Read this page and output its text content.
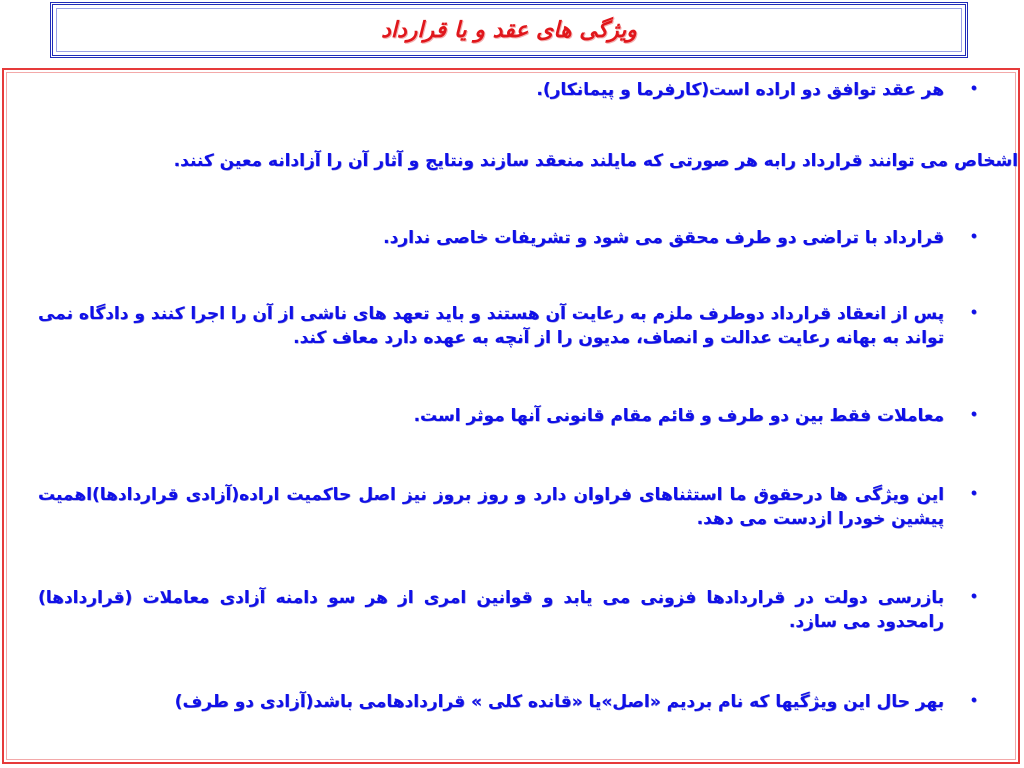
ویژگی های عقد و یا قرارداد
•
هر عقد توافق دو اراده است(کارفرما و پیمانکار).
اشخاص می توانند قرارداد رابه هر صورتی که مایلند منعقد سازند ونتایج و آثار آن را آزادانه معین کنند.
•
قرارداد با تراضی دو طرف محقق می شود و تشریفات خاصی ندارد.
•
پس از انعقاد قرارداد دوطرف ملزم به رعایت آن هستند و باید تعهد های ناشی از آن را اجرا کنند و دادگاه نمی تواند به بهانه رعایت عدالت و انصاف، مدیون را از آنچه به عهده دارد معاف کند.
•
معاملات فقط بین دو طرف و قائم مقام قانونی آنها موثر است.
•
این ویژگی ها درحقوق ما استثناهای فراوان دارد و روز بروز نیز اصل حاکمیت اراده(آزادی قراردادها)اهمیت پیشین خودرا ازدست می دهد.
•
بازرسی دولت در قراردادها فزونی می یابد و قوانین امری از هر سو دامنه آزادی معاملات (قراردادها) رامحدود می سازد.
•
بهر حال این ویژگیها که نام بردیم «اصل»یا «قانده کلی » قراردادهامی باشد(آزادی دو طرف)
